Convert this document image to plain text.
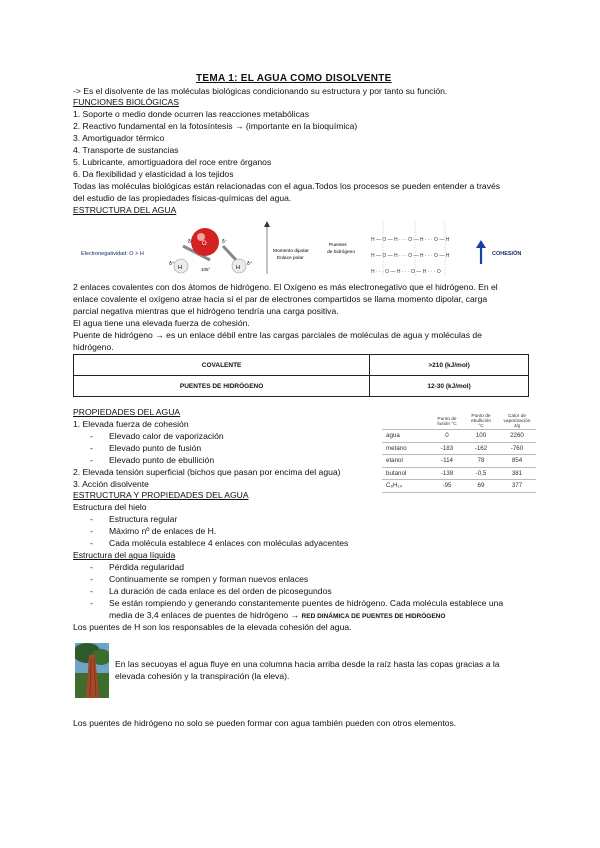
TEMA 1: EL AGUA COMO DISOLVENTE
-> Es el disolvente de las moléculas biológicas condicionando su estructura y por tanto su función.
FUNCIONES BIOLÓGICAS
1. Soporte o medio donde ocurren las reacciones metabólicas
2. Reactivo fundamental en la fotosíntesis → (importante en la bioquímica)
3. Amortiguador térmico
4. Transporte de sustancias
5. Lubricante, amortiguadora del roce entre órganos
6. Da flexibilidad y elasticidad a los tejidos
Todas las moléculas biológicas están relacionadas con el agua.Todos los procesos se pueden entender a través
del estudio de las propiedades físicas-químicas del agua.
ESTRUCTURA DEL AGUA
Electronegatividad: O > H
O
H	H
δ⁻	δ⁻
δ⁺	δ⁺
105°
Momento dipolar
Enlace polar
Puentes
de hidrógeno
H — O — H · · · O — H · · · O — H
H — O — H · · · O — H · · · O — H
H · · · O — H · · · O — H · · · O
COHESIÓN
2 enlaces covalentes con dos átomos de hidrógeno. El Oxígeno es más electronegativo que el hidrógeno. En el
enlace covalente el oxígeno atrae hacia sí el par de electrones compartidos se llama momento dipolar, carga
parcial negativa mientras que el hidrógeno tendría una carga positiva.
El agua tiene una elevada fuerza de cohesión.
Puente de hidrógeno → es un enlace débil entre las cargas parciales de moléculas de agua y moléculas de
hidrógeno.
COVALENTE	>210 (kJ/mol)
PUENTES DE HIDRÓGENO	12-30 (kJ/mol)
PROPIEDADES DEL AGUA
1. Elevada fuerza de cohesión
- Elevado calor de vaporización
- Elevado punto de fusión
- Elevado punto de ebullición
2. Elevada tensión superficial (bichos que pasan por encima del agua)
3. Acción disolvente
	Punto de fusión °C	Punto de ebullición °C	Calor de vaporización J/g
agua	0	100	2260
metano	-183	-162	-760
etanol	-114	78	854
butanol	-138	-0,5	381
C₆H₁₄	-95	69	377
ESTRUCTURA Y PROPIEDADES DEL AGUA
Estructura del hielo
- Estructura regular
- Máximo nº de enlaces de H.
- Cada molécula establece 4 enlaces con moléculas adyacentes
Estructura del agua líquida
- Pérdida regularidad
- Continuamente se rompen y forman nuevos enlaces
- La duración de cada enlace es del orden de picosegundos
- Se están rompiendo y generando constantemente puentes de hidrógeno. Cada molécula establece una
media de 3,4 enlaces de puentes de hidrógeno → RED DINÁMICA DE PUENTES DE HIDRÓGENO
Los puentes de H son los responsables de la elevada cohesión del agua.
En las secuoyas el agua fluye en una columna hacia arriba desde la raíz hasta las copas gracias a la
elevada cohesión y la transpiración (la eleva).
Los puentes de hidrógeno no solo se pueden formar con agua también pueden con otros elementos.
